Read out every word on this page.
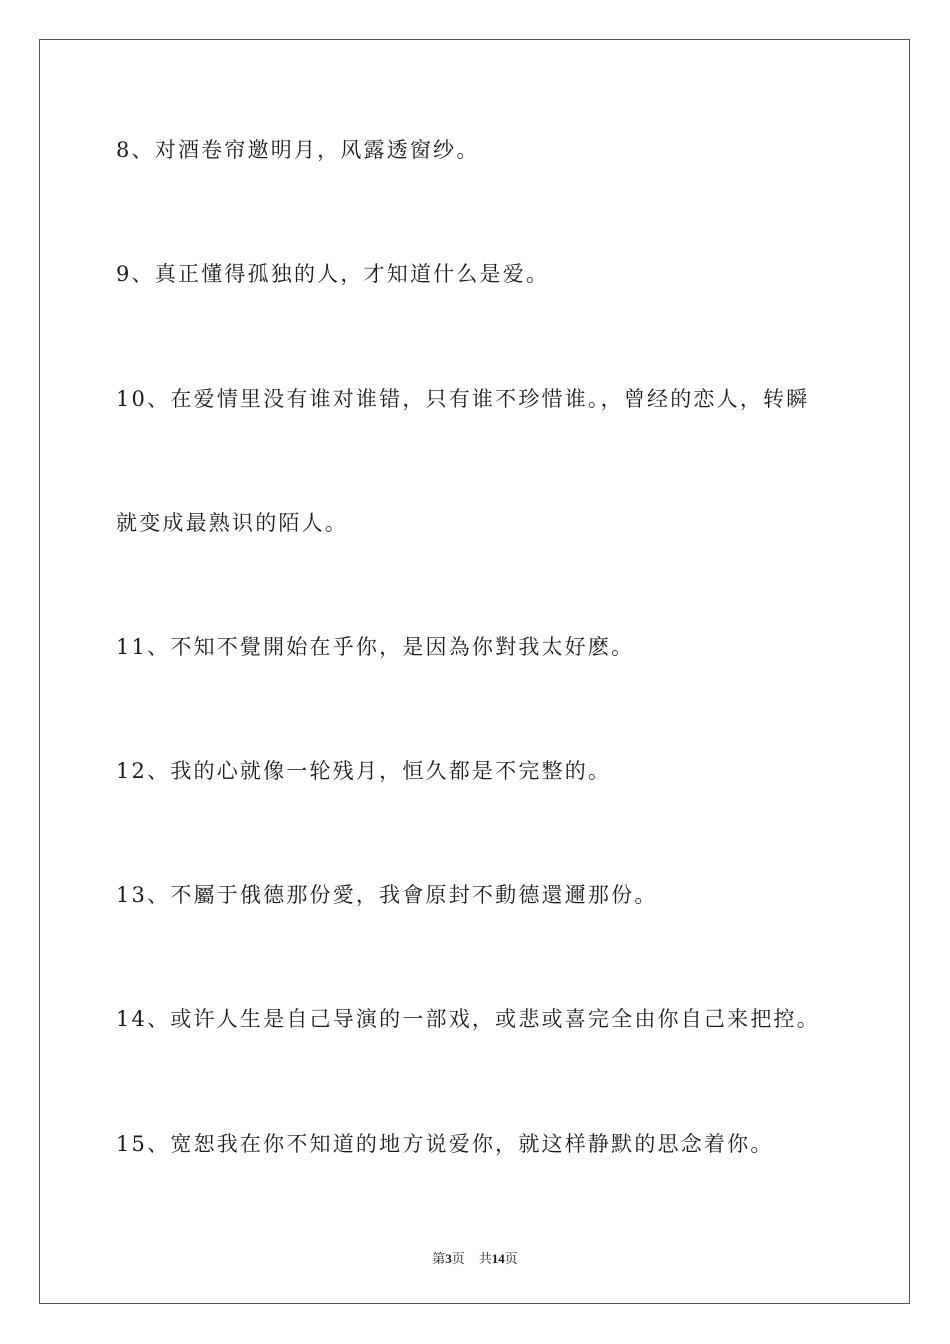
8、对酒卷帘邀明月，风露透窗纱。
9、真正懂得孤独的人，才知道什么是爱。
10、在爱情里没有谁对谁错，只有谁不珍惜谁。，曾经的恋人，转瞬
就变成最熟识的陌人。
11、不知不覺開始在乎你，是因為你對我太好麽。
12、我的心就像一轮残月，恒久都是不完整的。
13、不屬于俄德那份愛，我會原封不動德還邇那份。
14、或许人生是自己导演的一部戏，或悲或喜完全由你自己来把控。
15、宽恕我在你不知道的地方说爱你，就这样静默的思念着你。
第3页 共14页
